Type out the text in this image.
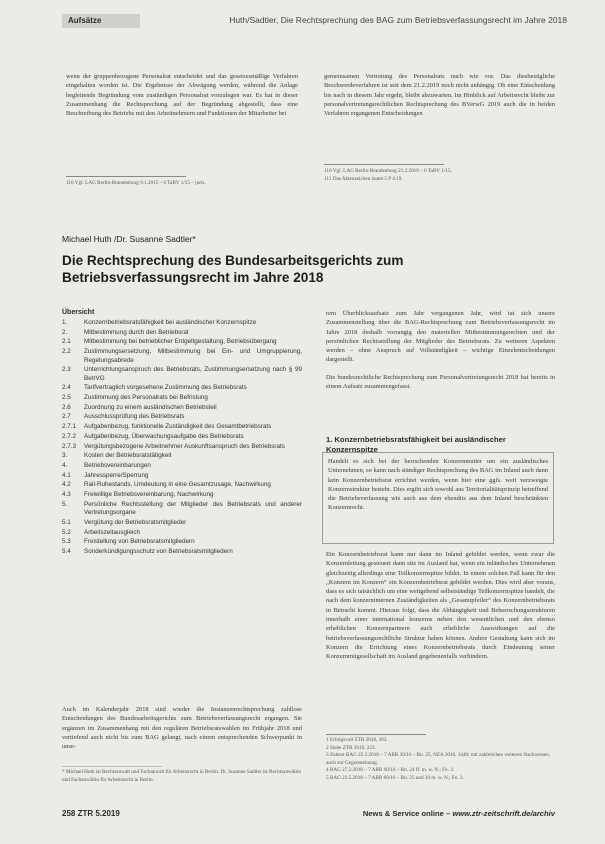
Aufsätze	Huth/Sadtler, Die Rechtsprechung des BAG zum Betriebsverfassungsrecht im Jahre 2018

wenn der gruppenbezogene Personalrat entscheidet und das gesetzesmäßige Verfahren eingehalten worden ist. Die Ergebnisse der Abwägung werden, während die Anlage begleitende Begründung vom zuständigen Personalrat vorzulegen war. Es hat in dieser Zusammenhang die Rechtsprechung auf der Begründung abgestellt, dass eine Beschreibung des Betriebs mit den Arbeitnehmern und Funktionen der Mitarbeiter bei

110 Vgl. LAG Berlin-Brandenburg 9.1.2015 – 6 TaBV 1/15 – juris.

gemeinsamen Vertretung des Personalrats nach wie vor. Das diesbezügliche Beschwerdeverfahren ist seit dem 21.2.2019 noch nicht anhängig. Ob eine Entscheidung bis nach in diesem Jahr ergeht, bleibt abzuwarten. Im Hinblick auf Arbeitsrecht bleibt zur personalvertretungsrechtlichen Rechtsprechung des BVerwG 2019 auch die in beiden Verfahren ergangenen Entscheidungen

110 Vgl. LAG Berlin-Brandenburg 21.2.2019 – 6 TaBV 1/15.
111 Das Aktenzeichen lautet 5 P 4.19.
Michael Huth /Dr. Susanne Sadtler*
Die Rechtsprechung des Bundesarbeitsgerichts zum Betriebsverfassungsrecht im Jahre 2018
Übersicht
1.	Konzernbetriebsratsfähigkeit bei ausländischer Konzernspitze
2.	Mitbestimmung durch den Betriebsrat
2.1	Mitbestimmung bei betrieblicher Entgeltgestaltung, Betriebsübergang
2.2	Zustimmungsersetzung, Mitbestimmung bei Ein- und Umgruppierung, Regelungsabrede
2.3	Unterrichtungsanspruch des Betriebsrats, Zustimmungsersetzung nach § 99 BetrVG
2.4	Tarifvertraglich vorgesehene Zustimmung des Betriebsrats
2.5	Zustimmung des Personalrats bei Befristung
2.6	Zuordnung zu einem ausländischen Betriebsteil
2.7	Ausschlussprüfung des Betriebsrats
2.7.1	Aufgabenbezug, funktionelle Zuständigkeit des Gesamtbetriebsrats
2.7.2	Aufgabenbezug, Überwachungsaufgabe des Betriebsrats
2.7.3	Vergütungsbezogene Arbeitnehmer Auskunftsanspruch des Betriebsrats
3.	Kosten der Betriebsratstätigkeit
4.	Betriebsvereinbarungen
4.1	Jahressperre/Sperrung
4.2	Rail-Ruhestands, Umdeutung in eine Gesamtzusage, Nachwirkung
4.3	Freiwillige Betriebsvereinbarung, Nachwirkung
5.	Persönliche Rechtsstellung der Mitglieder des Betriebsrats und anderer Vertretungsorgane
5.1	Vergütung der Betriebsratsmitglieder
5.2	Arbeitszeitausgleich
5.3	Freistellung von Betriebsratsmitgliedern
5.4	Sonderkündigungsschutz von Betriebsratsmitgliedern

Auch im Kalenderjahr 2018 sind wieder die Instanzenrechtsprechung zahllose Entscheidungen des Bundesarbeitsgerichts zum Betriebsverfassungsrecht ergangen. Sie ergänzen im Zusammenhang mit den regulären Betriebsratswahlen im Frühjahr 2018 und vertiefend auch nicht bis zum BAG gelangt, nach einem entsprechenden Schwerpunkt in unse-

* Michael Huth ist Rechtsanwalt und Fachanwalt für Arbeitsrecht in Berlin. Dr. Susanne Sadtler ist Rechtsanwältin und Fachanwältin für Arbeitsrecht in Berlin.

rem Überblicksaufsatz zum Jahr vergangenen Jahr, wird tat sich unsere Zusammenstellung über die BAG-Rechtsprechung zum Betriebsverfassungsrecht im Jahre 2018 deshalb vorrangig den materiellen Mitbestimmungsrechten und der persönlichen Rechtsstellung der Mitglieder des Betriebsrats. Zu weiteren Aspekten werden – ohne Anspruch auf Vollständigkeit – wichtige Einzelentscheidungen dargestellt.

Die bundesrechtliche Rechtsprechung zum Personalvertretungsrecht 2018 hat bereits in einem Aufsatz zusammengefasst.

1. Konzernbetriebsratsfähigkeit bei ausländischer Konzernspitze
Handelt es sich bei der herrschenden Konzernmutter um ein ausländisches Unternehmen, so kann nach ständiger Rechtsprechung des BAG im Inland auch dann kein Konzernbetriebsrat errichtet werden, wenn hier eine ggfs. weit verzweigte Konzernstruktur besteht. Dies ergibt sich sowohl aus Territorialitätsprinzip betreffend die Betriebsverfassung wie auch aus dem ebendiis aus dem Inland beschränkten Konzernrecht.

Ein Konzernbetriebsrat kann nur dann im Inland gebildet werden, wenn zwar die Konzernleitung gesteuert dann sitz im Ausland hat, wenn ein inländisches Unternehmen gleichzeitig allerdings eine Teilkonzernspitze bildet. In einem solchen Fall kann für den „Konzern im Konzern“ ein Konzernbetriebsrat gebildet werden. Dies wird aber voraus, dass es sich tatsächlich um eine weitgehend selbstständige Teilkonzernspitze handelt, die nach dem konzerninternen Zuständigkeiten als „Gesamtpfeiler“ des Konzernbetriebsrats in Betracht kommt. Hieraus folgt, dass die Abhängigkeit und Beherrschungsstrukturen innerhalb einer international konzerns neben den wesentlichen und den ebenso erheblichen Konzernpartnern auch erhebliche Auswirkungen auf die betriebsverfassungsrechtliche Struktur haben können. Andere Gestaltung kann sich im Konzern die Errichtung eines Konzernbetriebsrats durch Eindeutung seiner Konzernmitgesellschaft im Ausland gegebenenfalls verhindern.

1 Erfolgsvoll ZTR 2018, 303.
2 Siehe ZTR 2019, 223.
3 Zuletzt BAG 22.3.2018 – 7 ABR 30/16 – Rn. 25, NZA 2018, 1440; mit zahlreichen weiteren Nachweisen, auch zur Gegenmeinung.
4 BAG 27.2.2018 – 7 ABR 60/16 – Rn. 24 ff. m. w. N.; Fn. 3.
5 BAG 23.5.2018 – 7 ABR 60/16 – Rn. 25 und 30 m. w. N.; Fn. 3.
258 ZTR 5.2019	News & Service online – www.ztr-zeitschrift.de/archiv
